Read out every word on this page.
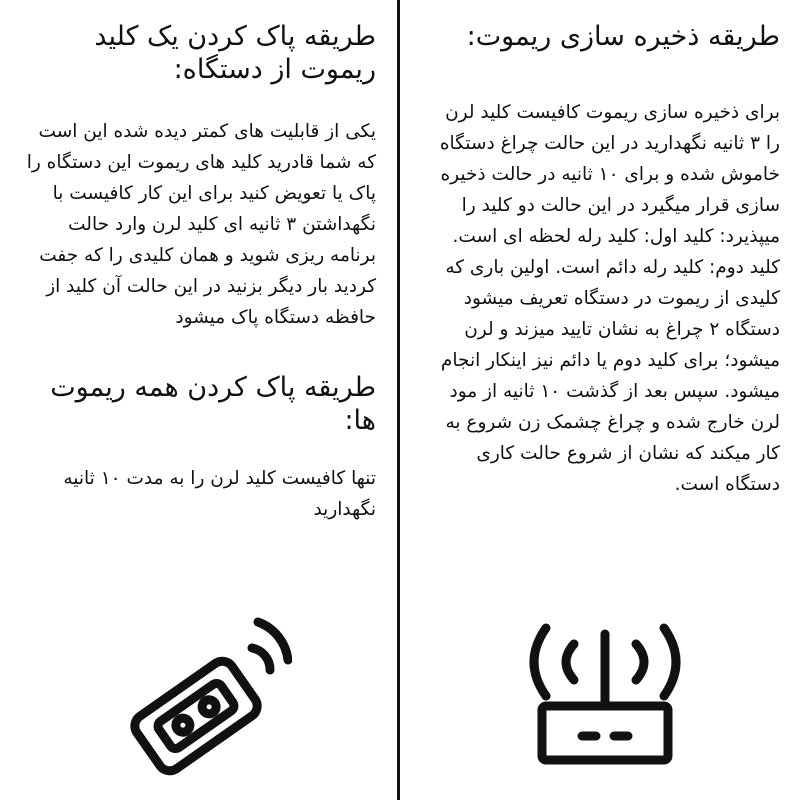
طریقه ذخیره سازی ریموت:

برای ذخیره سازی ریموت کافیست کلید لرن را ۳ ثانیه نگهدارید در این حالت چراغ دستگاه خاموش شده و برای ۱۰ ثانیه در حالت ذخیره سازی قرار میگیرد در این حالت دو کلید را میپذیرد: کلید اول: کلید رله لحظه ای است. کلید دوم: کلید رله دائم است. اولین باری که کلیدی از ریموت در دستگاه تعریف میشود دستگاه ۲ چراغ به نشان تایید میزند و لرن میشود؛ برای کلید دوم یا دائم نیز اینکار انجام میشود. سپس بعد از گذشت ۱۰ ثانیه از مود لرن خارج شده و چراغ چشمک زن شروع به کار میکند که نشان از شروع حالت کاری دستگاه است.

طریقه پاک کردن یک کلید ریموت از دستگاه:

یکی از قابلیت های کمتر دیده شده این است که شما قادرید کلید های ریموت این دستگاه را پاک یا تعویض کنید برای این کار کافیست با نگهداشتن ۳ ثانیه ای کلید لرن وارد حالت برنامه ریزی شوید و همان کلیدی را که جفت کردید بار دیگر بزنید در این حالت آن کلید از حافظه دستگاه پاک میشود

طریقه پاک کردن همه ریموت ها:

تنها کافیست کلید لرن را به مدت ۱۰ ثانیه نگهدارید
